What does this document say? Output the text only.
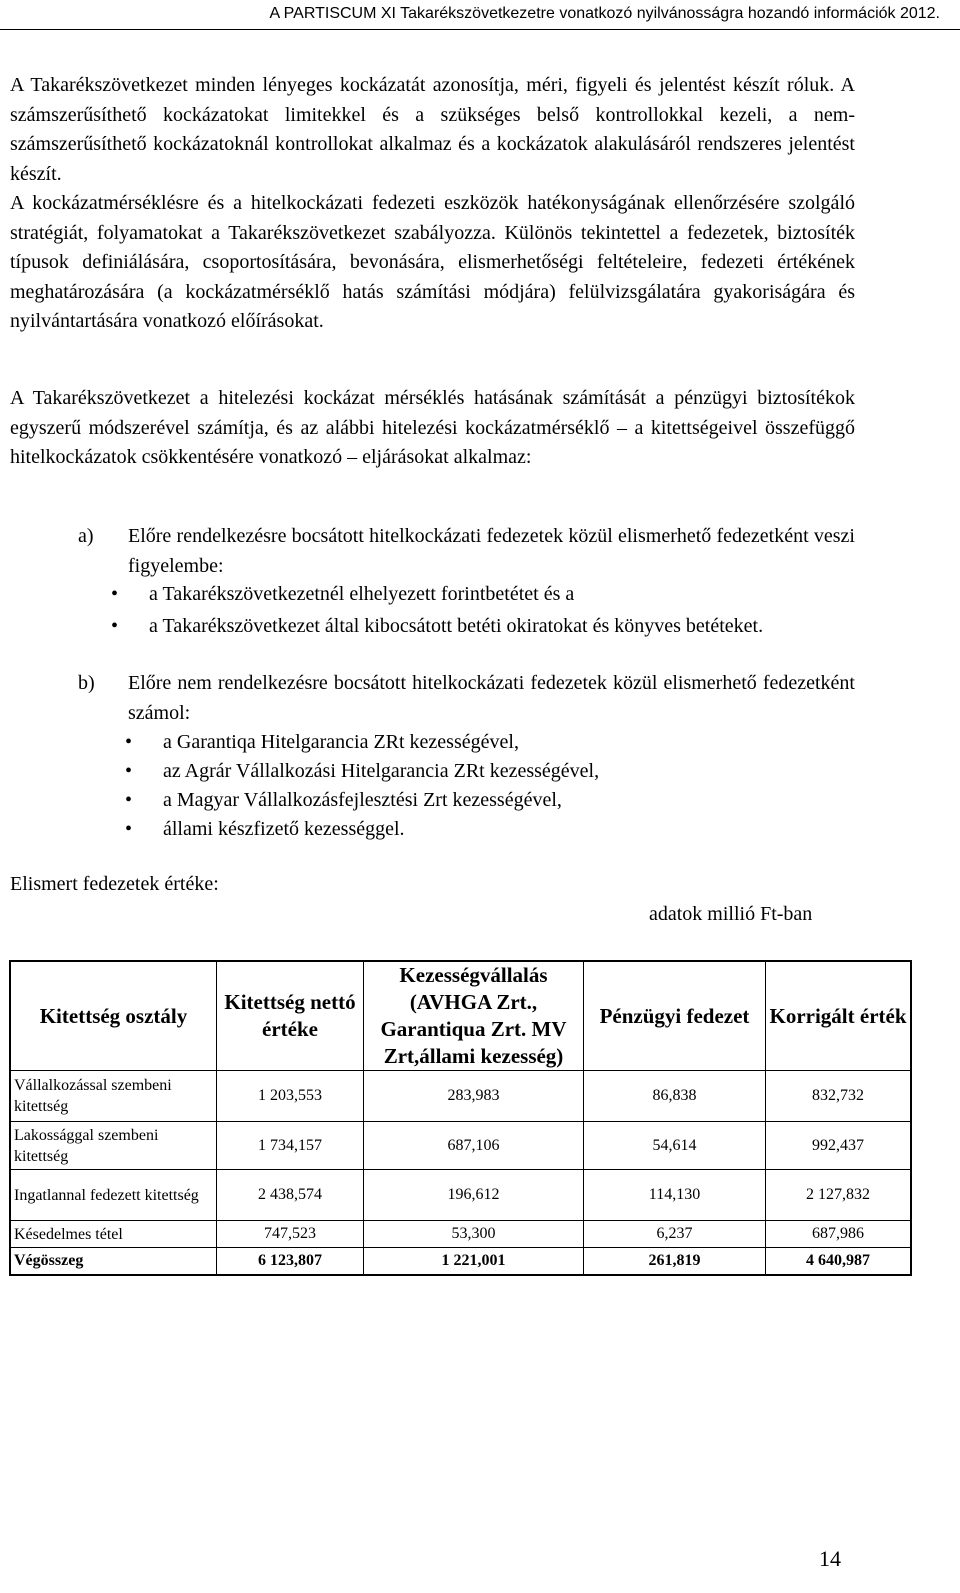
A PARTISCUM XI Takarékszövetkezetre vonatkozó nyilvánosságra hozandó információk 2012.

A Takarékszövetkezet minden lényeges kockázatát azonosítja, méri, figyeli és jelentést készít róluk. A számszerűsíthető kockázatokat limitekkel és a szükséges belső kontrollokkal kezeli, a nem-számszerűsíthető kockázatoknál kontrollokat alkalmaz és a kockázatok alakulásáról rendszeres jelentést készít.

A kockázatmérséklésre és a hitelkockázati fedezeti eszközök hatékonyságának ellenőrzésére szolgáló stratégiát, folyamatokat a Takarékszövetkezet szabályozza. Különös tekintettel a fedezetek, biztosíték típusok definiálására, csoportosítására, bevonására, elismerhetőségi feltételeire, fedezeti értékének meghatározására (a kockázatmérséklő hatás számítási módjára) felülvizsgálatára gyakoriságára és nyilvántartására vonatkozó előírásokat.

A Takarékszövetkezet a hitelezési kockázat mérséklés hatásának számítását a pénzügyi biztosítékok egyszerű módszerével számítja, és az alábbi hitelezési kockázatmérséklő – a kitettségeivel összefüggő hitelkockázatok csökkentésére vonatkozó – eljárásokat alkalmaz:

a) Előre rendelkezésre bocsátott hitelkockázati fedezetek közül elismerhető fedezetként veszi figyelembe:
• a Takarékszövetkezetnél elhelyezett forintbetétet és a
• a Takarékszövetkezet által kibocsátott betéti okiratokat és könyves betéteket.
b) Előre nem rendelkezésre bocsátott hitelkockázati fedezetek közül elismerhető fedezetként számol:
• a Garantiqa Hitelgarancia ZRt kezességével,
• az Agrár Vállalkozási Hitelgarancia ZRt kezességével,
• a Magyar Vállalkozásfejlesztési Zrt kezességével,
• állami készfizető kezességgel.

Elismert fedezetek értéke:

adatok millió Ft-ban

Kitettség osztály	Kitettség nettó értéke	Kezességvállalás (AVHGA Zrt., Garantiqua Zrt. MV Zrt,állami kezesség)	Pénzügyi fedezet	Korrigált érték
Vállalkozással szembeni kitettség	1 203,553	283,983	86,838	832,732
Lakossággal szembeni kitettség	1 734,157	687,106	54,614	992,437
Ingatlannal fedezett kitettség	2 438,574	196,612	114,130	2 127,832
Késedelmes tétel	747,523	53,300	6,237	687,986
Végösszeg	6 123,807	1 221,001	261,819	4 640,987
14
